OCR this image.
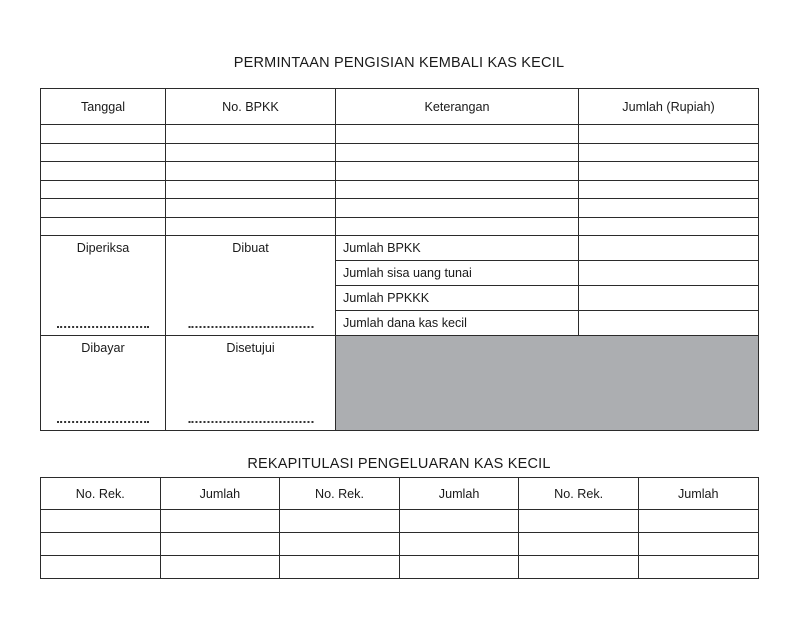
PERMINTAAN PENGISIAN KEMBALI KAS KECIL
Tanggal	No. BPKK	Keterangan	Jumlah (Rupiah)

Diperiksa	Dibuat	Jumlah BPKK	
		Jumlah sisa uang tunai	
		Jumlah PPKKK	
		Jumlah dana kas kecil	

Dibayar	Disetujui		

REKAPITULASI PENGELUARAN KAS KECIL
No. Rek.	Jumlah	No. Rek.	Jumlah	No. Rek.	Jumlah
